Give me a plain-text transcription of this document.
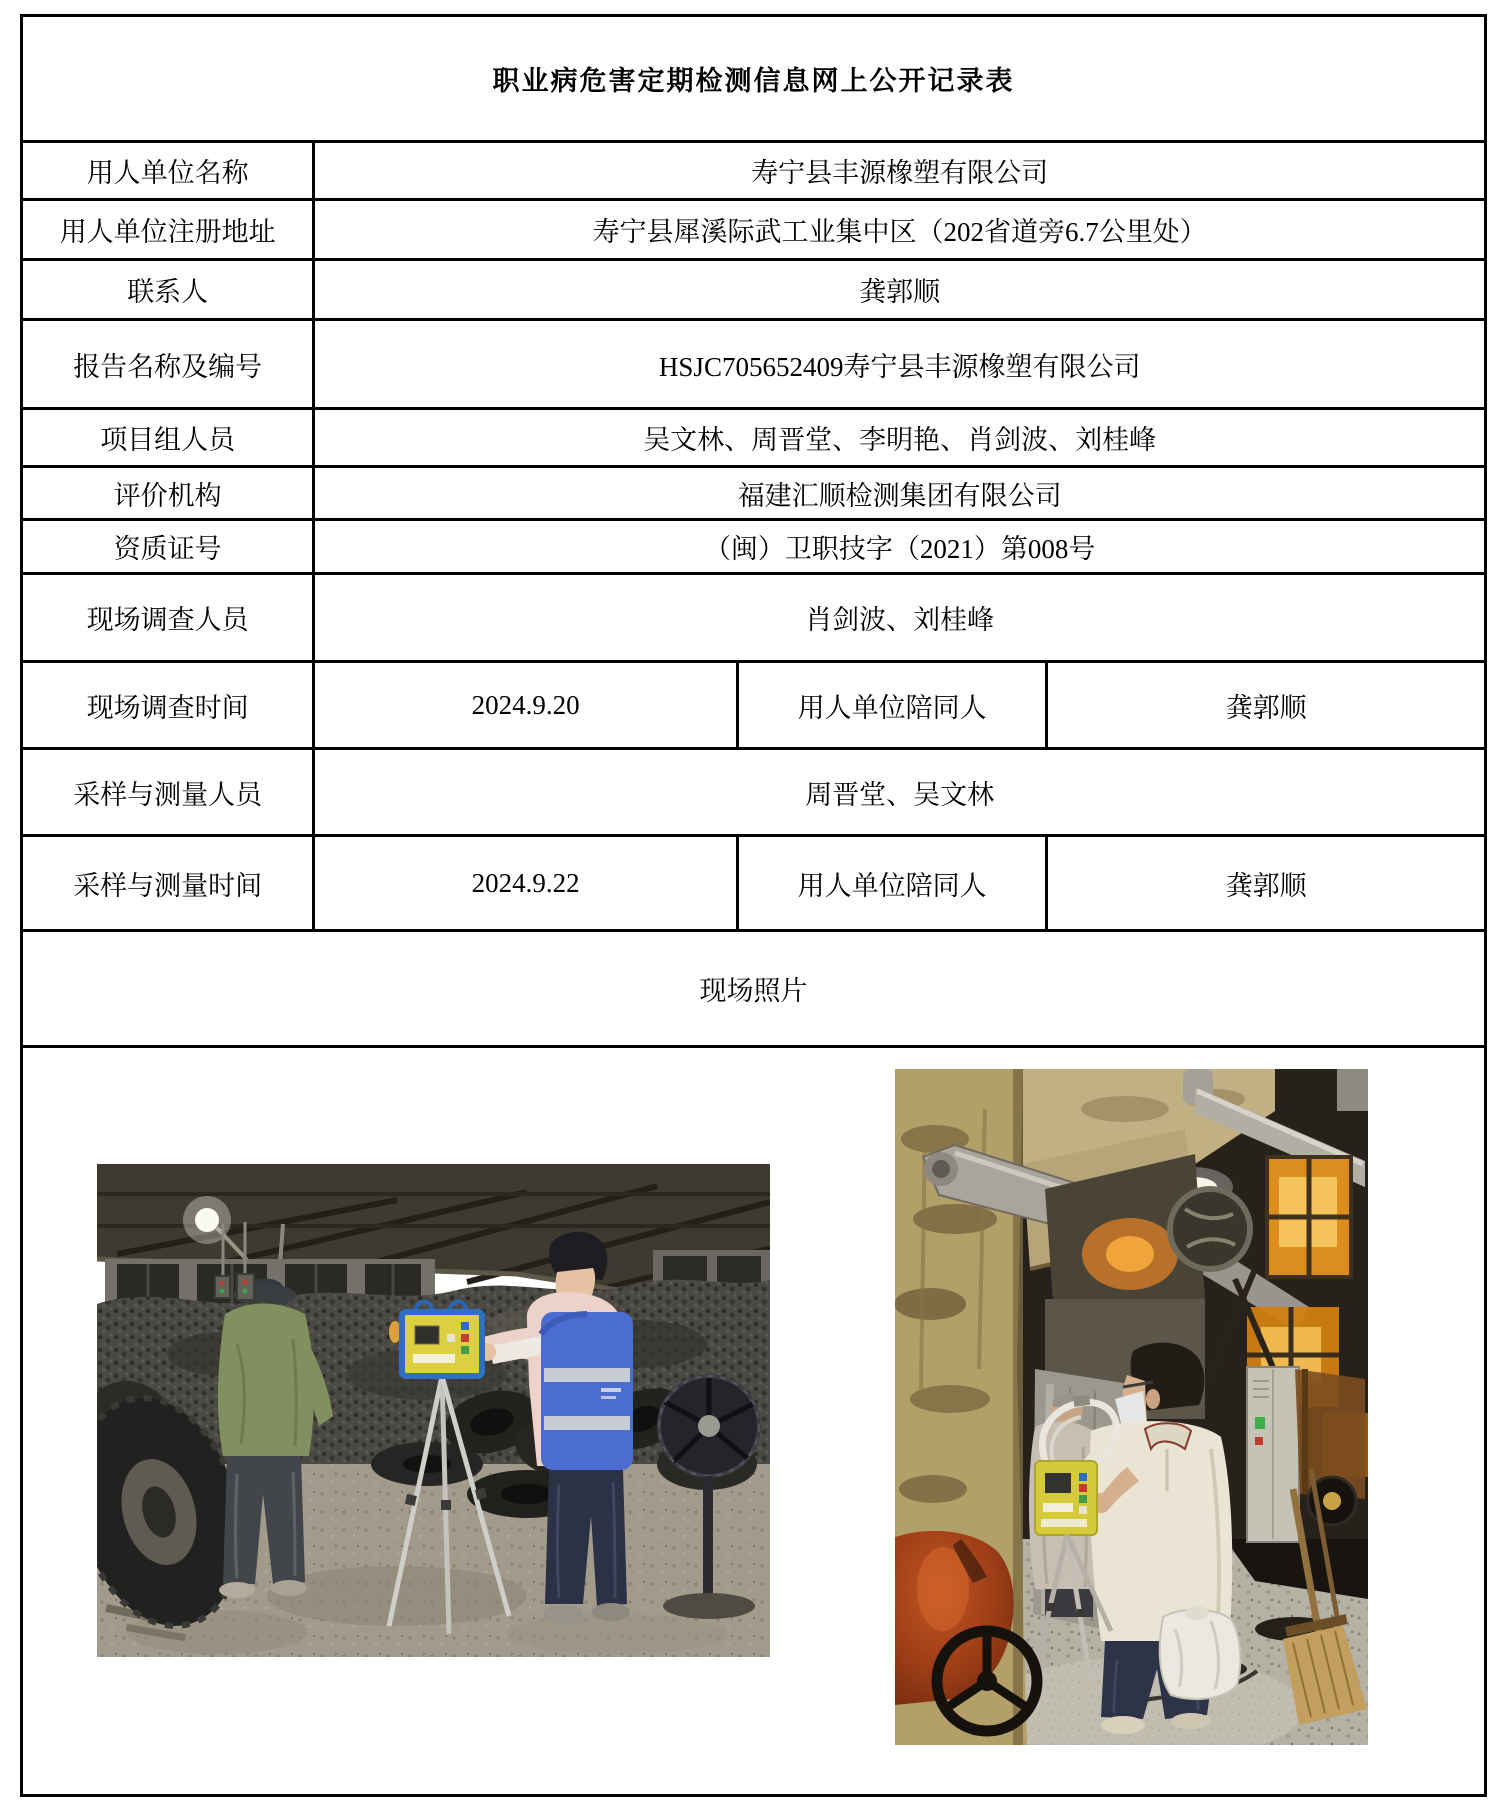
职业病危害定期检测信息网上公开记录表			
用人单位名称	寿宁县丰源橡塑有限公司		
用人单位注册地址	寿宁县犀溪际武工业集中区（202省道旁6.7公里处）		
联系人	龚郭顺		
报告名称及编号	HSJC705652409寿宁县丰源橡塑有限公司		
项目组人员	吴文林、周晋堂、李明艳、肖剑波、刘桂峰		
评价机构	福建汇顺检测集团有限公司		
资质证号	（闽）卫职技字（2021）第008号		
现场调查人员	肖剑波、刘桂峰		
现场调查时间	2024.9.20	用人单位陪同人	龚郭顺
采样与测量人员	周晋堂、吴文林		
采样与测量时间	2024.9.22	用人单位陪同人	龚郭顺
现场照片			
